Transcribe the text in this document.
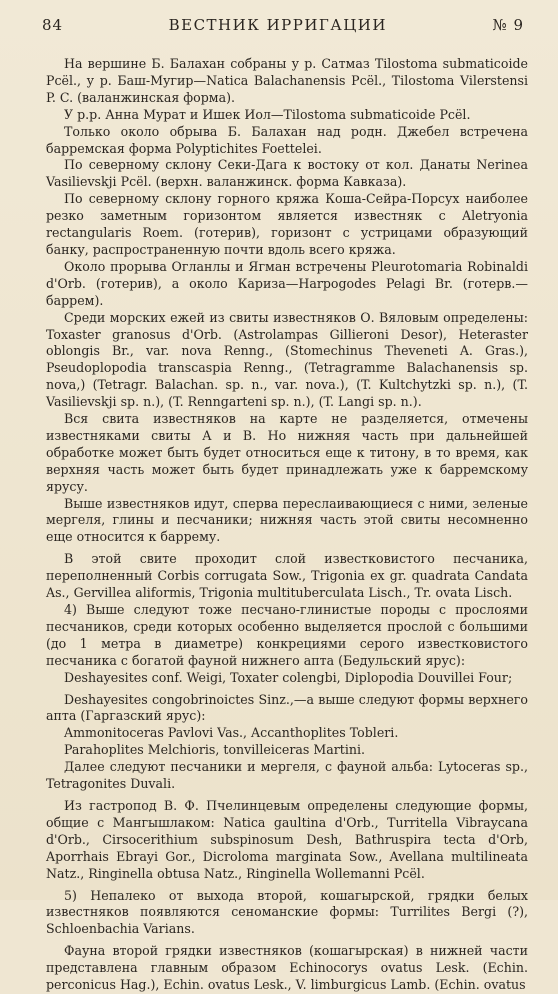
84	ВЕСТНИК ИРРИГАЦИИ	№ 9

На вершине Б. Балахан собраны у р. Сатмаз Tilostoma submaticoide Pcël., у р. Баш-Мугир—Natica Balachanensis Pcël., Tilostoma Vilerstensi P. C. (валанжинская форма).

У р.р. Анна Мурат и Ишек Иол—Tilostoma submaticoide Pcël.

Только около обрыва Б. Балахан над родн. Джебел встречена барремская форма Polyptichites Foettelei.

По северному склону Секи-Дага к востоку от кол. Данаты Nerinea Vasilievskji Pcël. (верхн. валанжинск. форма Кавказа).

По северному склону горного кряжа Коша-Сейра-Порсух наиболее резко заметным горизонтом является известняк с Aletryonia rectangularis Roem. (готерив), горизонт с устрицами образующий банку, распространенную почти вдоль всего кряжа.

Около прорыва Огланлы и Ягман встречены Pleurotomaria Robinaldi d'Orb. (готерив), а около Кариза—Harpogodes Pelagi Br. (готерв.—баррем).

Среди морских ежей из свиты известняков О. Вяловым определены: Toxaster granosus d'Orb. (Astrolampas Gillieroni Desor), Heteraster oblongis Br., var. nova Renng., (Stomechinus Theveneti A. Gras.), Pseudoplopodia transcaspia Renng., (Tetragramme Balachanensis sp. nova,) (Tetragr. Balachan. sp. n., var. nova.), (T. Kultchytzki sp. n.), (T. Vasilievskji sp. n.), (T. Renngarteni sp. n.), (T. Langi sp. n.).

Вся свита известняков на карте не разделяется, отмечены известняками свиты А и В. Но нижняя часть при дальнейшей обработке может быть будет относиться еще к титону, в то время, как верхняя часть может быть будет принадлежать уже к барремскому ярусу.

Выше известняков идут, сперва переслаивающиеся с ними, зеленые мергеля, глины и песчаники; нижняя часть этой свиты несомненно еще относится к баррему.

В этой свите проходит слой известковистого песчаника, переполненный Corbis corrugata Sow., Trigonia ex gr. quadrata Candata As., Gervillea aliformis, Trigonia multituberculata Lisch., Tr. ovata Lisch.

4) Выше следуют тоже песчано-глинистые породы с прослоями песчаников, среди которых особенно выделяется прослой с большими (до 1 метра в диаметре) конкрециями серого известковистого песчаника с богатой фауной нижнего апта (Бедульский ярус):

Deshayesites conf. Weigi, Toxater colengbi, Diplopodia Douvillei Four;

Deshayesites congobrinoictes Sinz.,—а выше следуют формы верхнего апта (Гаргазский ярус):

Ammonitoceras Pavlovi Vas., Accanthoplites Tobleri.

Parahoplites Melchioris, tonvilleiceras Martini.

Далее следуют песчаники и мергеля, с фауной альба: Lytoceras sp., Tetragonites Duvali.

Из гастропод В. Ф. Пчелинцевым определены следующие формы, общие с Мангышлаком: Natica gaultina d'Orb., Turritella Vibraycana d'Orb., Cirsocerithium subspinosum Desh, Bathruspira tecta d'Orb, Aporrhais Ebrayi Gor., Dicroloma marginata Sow., Avellana multilineata Natz., Ringinella obtusa Natz., Ringinella Wollemanni Pcël.

5) Непалеко от выхода второй, кошагырской, грядки белых известняков появляются сеноманские формы: Turrilites Bergi (?), Schloenbachia Varians.

Фауна второй грядки известняков (кошагырская) в нижней части представлена главным образом Echinocorys ovatus Lesk. (Echin. perconicus Hag.), Echin. ovatus Lesk., V. limburgicus Lamb. (Echin. ovatus
